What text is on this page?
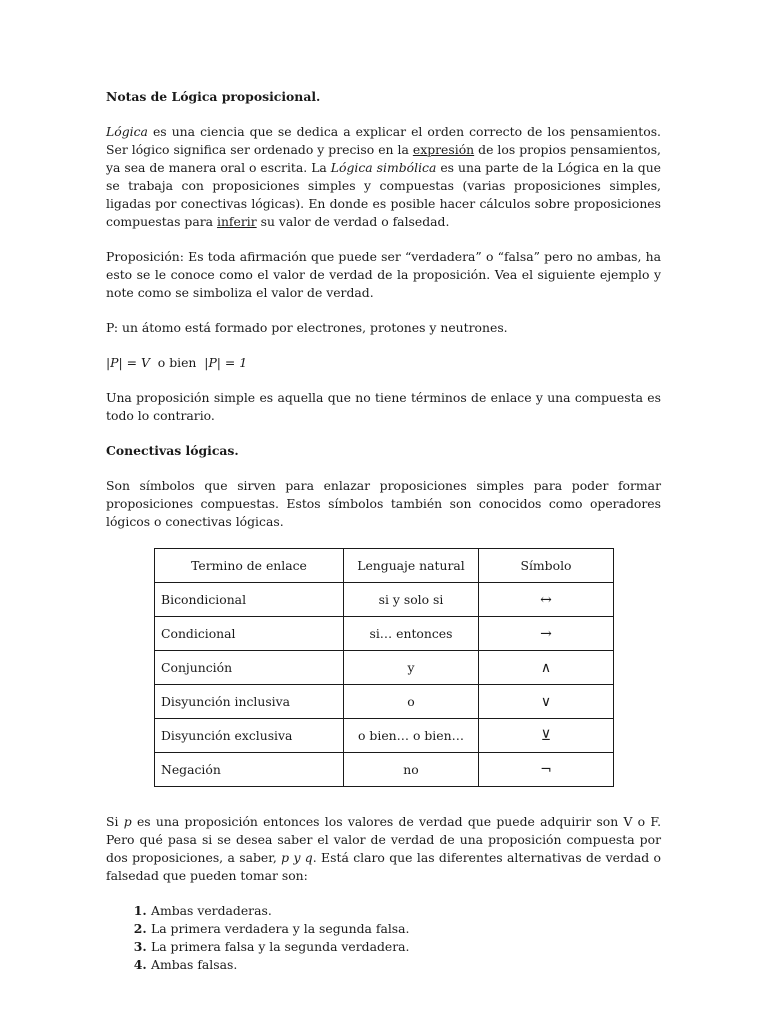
Notas de Lógica proposicional.

Lógica es una ciencia que se dedica a explicar el orden correcto de los pensamientos. Ser lógico significa ser ordenado y preciso en la expresión de los propios pensamientos, ya sea de manera oral o escrita. La Lógica simbólica es una parte de la Lógica en la que se trabaja con proposiciones simples y compuestas (varias proposiciones simples, ligadas por conectivas lógicas). En donde es posible hacer cálculos sobre proposiciones compuestas para inferir su valor de verdad o falsedad.

Proposición: Es toda afirmación que puede ser “verdadera” o “falsa” pero no ambas, ha esto se le conoce como el valor de verdad de la proposición. Vea el siguiente ejemplo y note como se simboliza el valor de verdad.

P: un átomo está formado por electrones, protones y neutrones.

|P| = V o bien |P| = 1

Una proposición simple es aquella que no tiene términos de enlace y una compuesta es todo lo contrario.

Conectivas lógicas.

Son símbolos que sirven para enlazar proposiciones simples para poder formar proposiciones compuestas. Estos símbolos también son conocidos como operadores lógicos o conectivas lógicas.

Termino de enlace	Lenguaje natural	Símbolo
Bicondicional	si y solo si	↔
Condicional	si… entonces	→
Conjunción	y	∧
Disyunción inclusiva	o	∨
Disyunción exclusiva	o bien… o bien…	⊻
Negación	no	¬

Si p es una proposición entonces los valores de verdad que puede adquirir son V o F. Pero qué pasa si se desea saber el valor de verdad de una proposición compuesta por dos proposiciones, a saber, p y q. Está claro que las diferentes alternativas de verdad o falsedad que pueden tomar son:

1. Ambas verdaderas.
2. La primera verdadera y la segunda falsa.
3. La primera falsa y la segunda verdadera.
4. Ambas falsas.
